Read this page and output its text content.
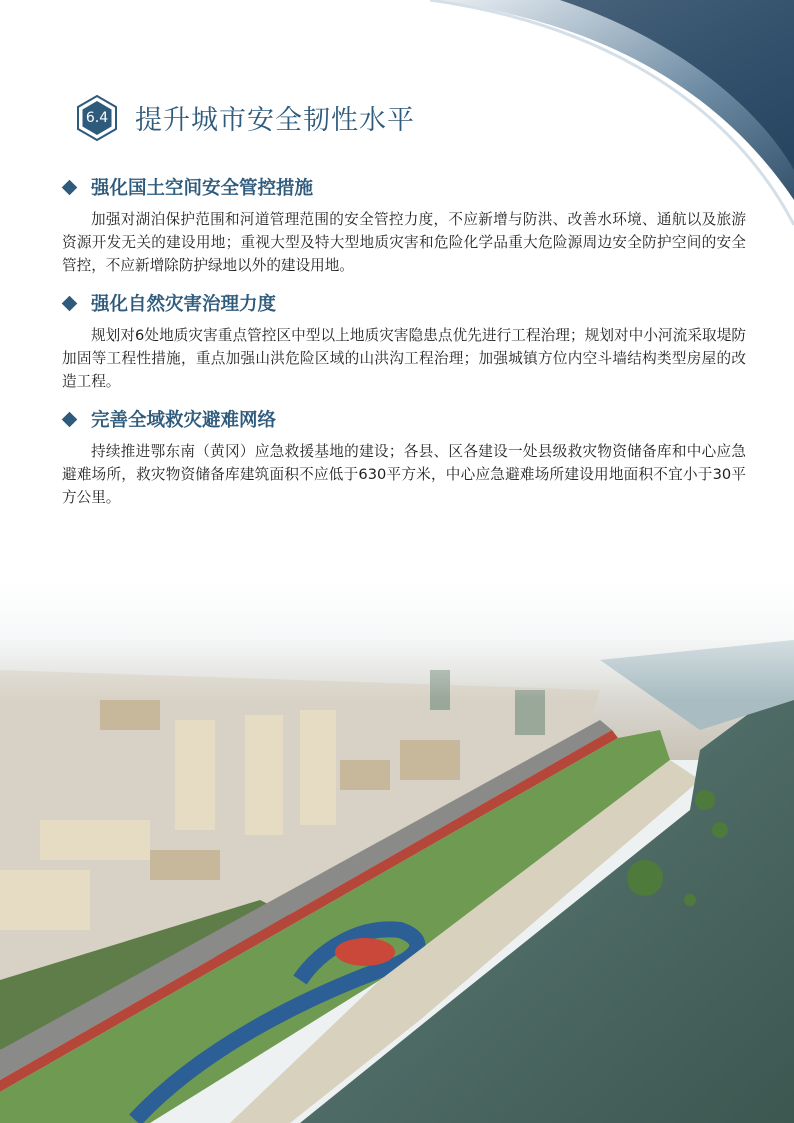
6.4 提升城市安全韧性水平
强化国土空间安全管控措施

加强对湖泊保护范围和河道管理范围的安全管控力度，不应新增与防洪、改善水环境、通航以及旅游资源开发无关的建设用地；重视大型及特大型地质灾害和危险化学品重大危险源周边安全防护空间的安全管控，不应新增除防护绿地以外的建设用地。

强化自然灾害治理力度

规划对6处地质灾害重点管控区中型以上地质灾害隐患点优先进行工程治理；规划对中小河流采取堤防加固等工程性措施，重点加强山洪危险区域的山洪沟工程治理；加强城镇方位内空斗墙结构类型房屋的改造工程。

完善全域救灾避难网络

持续推进鄂东南（黄冈）应急救援基地的建设；各县、区各建设一处县级救灾物资储备库和中心应急避难场所，救灾物资储备库建筑面积不应低于630平方米，中心应急避难场所建设用地面积不宜小于30平方公里。
